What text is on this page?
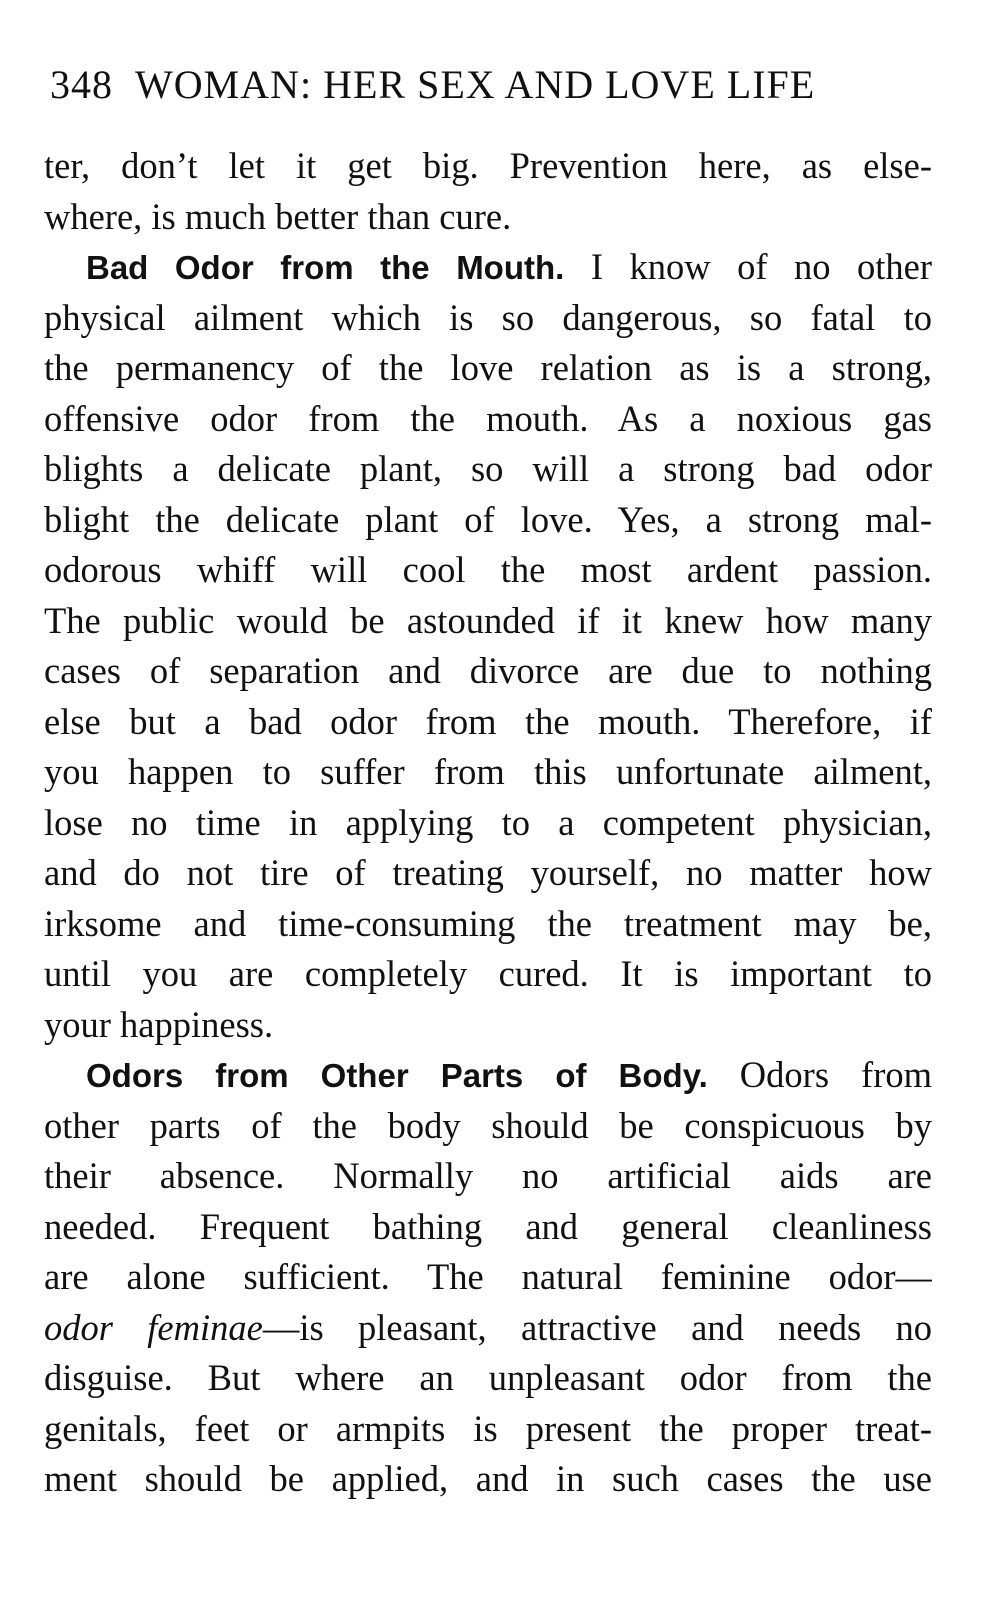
348 WOMAN: HER SEX AND LOVE LIFE
ter, don’t let it get big. Prevention here, as else-
where, is much better than cure.
Bad Odor from the Mouth. I know of no other
physical ailment which is so dangerous, so fatal to
the permanency of the love relation as is a strong,
offensive odor from the mouth. As a noxious gas
blights a delicate plant, so will a strong bad odor
blight the delicate plant of love. Yes, a strong mal-
odorous whiff will cool the most ardent passion.
The public would be astounded if it knew how many
cases of separation and divorce are due to nothing
else but a bad odor from the mouth. Therefore, if
you happen to suffer from this unfortunate ailment,
lose no time in applying to a competent physician,
and do not tire of treating yourself, no matter how
irksome and time-consuming the treatment may be,
until you are completely cured. It is important to
your happiness.
Odors from Other Parts of Body. Odors from
other parts of the body should be conspicuous by
their absence. Normally no artificial aids are
needed. Frequent bathing and general cleanliness
are alone sufficient. The natural feminine odor—
odor feminae—is pleasant, attractive and needs no
disguise. But where an unpleasant odor from the
genitals, feet or armpits is present the proper treat-
ment should be applied, and in such cases the use
